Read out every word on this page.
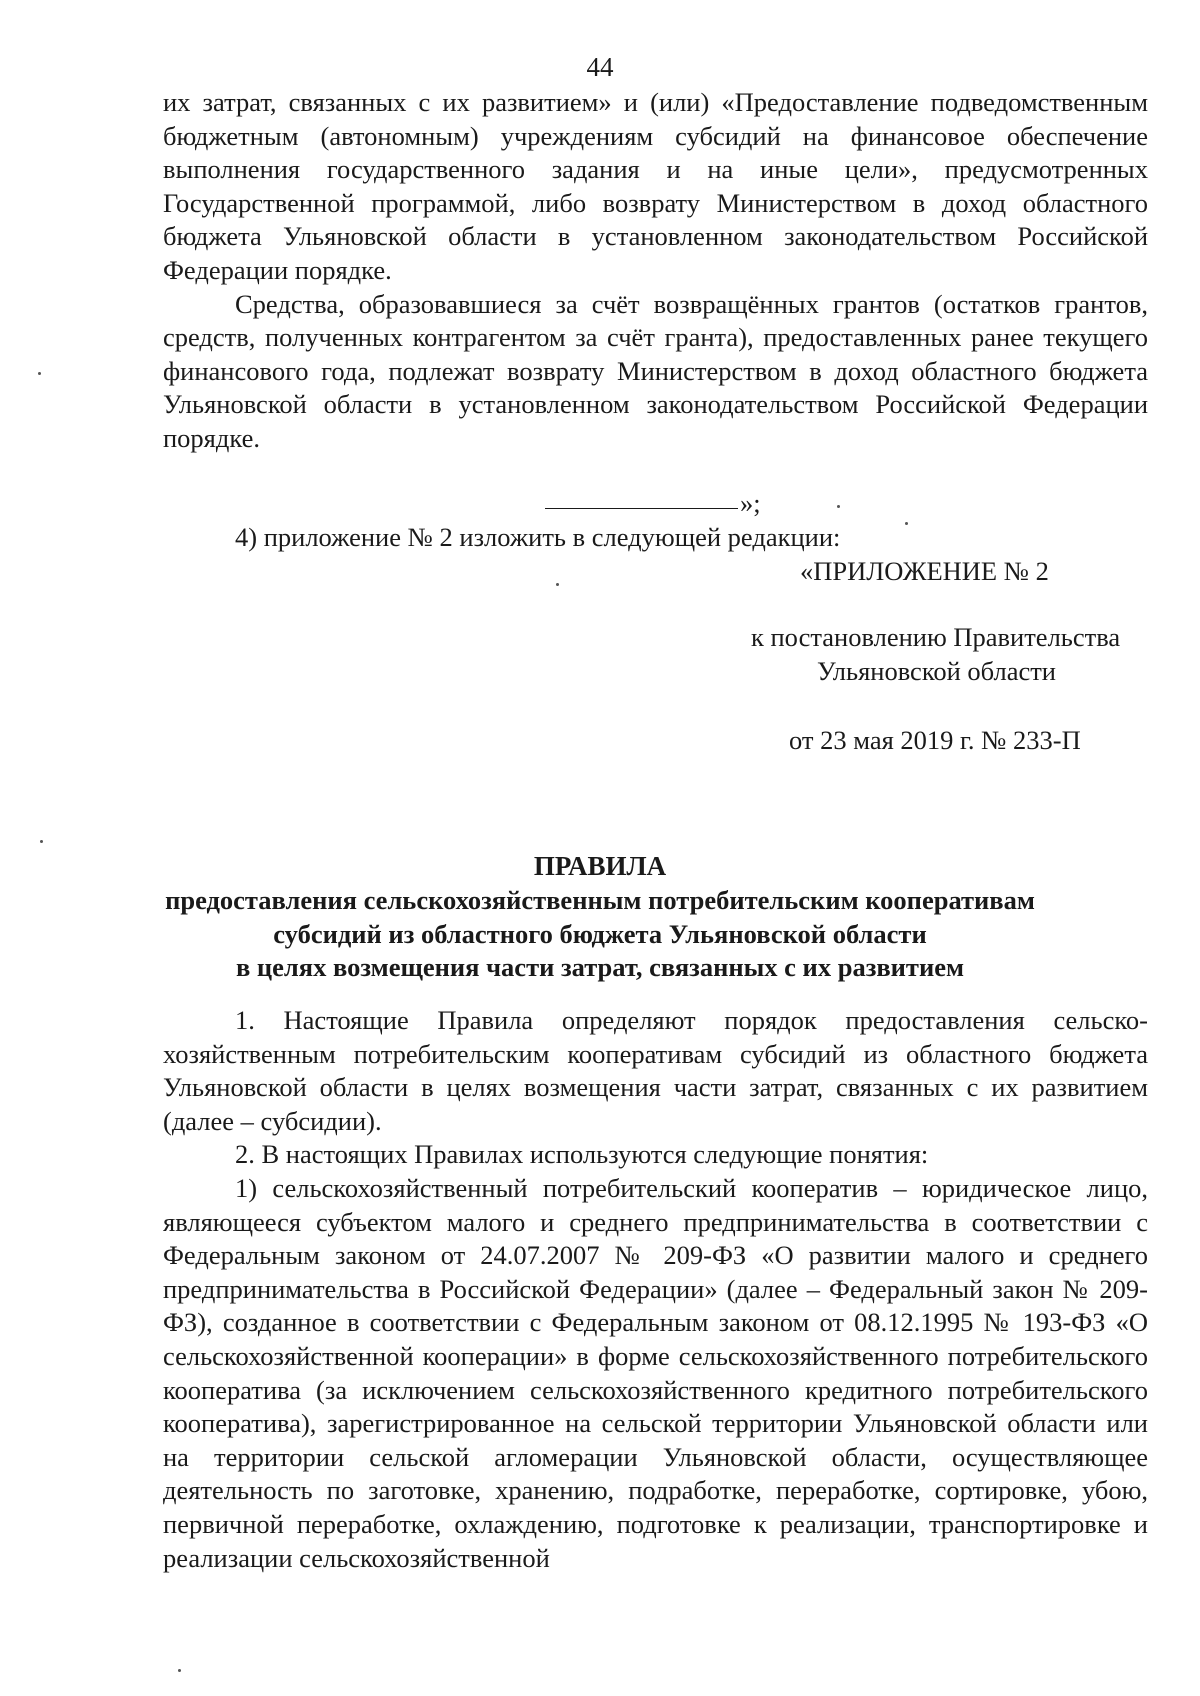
44

их затрат, связанных с их развитием» и (или) «Предоставление подведомственным бюджетным (автономным) учреждениям субсидий на финансовое обеспечение выполнения государственного задания и на иные цели», предусмотренных Государственной программой, либо возврату Министерством в доход областного бюджета Ульяновской области в установленном законодательством Российской Федерации порядке.

Средства, образовавшиеся за счёт возвращённых грантов (остатков грантов, средств, полученных контрагентом за счёт гранта), предоставленных ранее текущего финансового года, подлежат возврату Министерством в доход областного бюджета Ульяновской области в установленном законодательством Российской Федерации порядке.

»;
4) приложение № 2 изложить в следующей редакции:
«ПРИЛОЖЕНИЕ № 2
к постановлению Правительства
Ульяновской области
от 23 мая 2019 г. № 233-П
ПРАВИЛА
предоставления сельскохозяйственным потребительским кооперативам
субсидий из областного бюджета Ульяновской области
в целях возмещения части затрат, связанных с их развитием

1. Настоящие Правила определяют порядок предоставления сельскохозяйственным потребительским кооперативам субсидий из областного бюджета Ульяновской области в целях возмещения части затрат, связанных с их развитием (далее – субсидии).

2. В настоящих Правилах используются следующие понятия:

1) сельскохозяйственный потребительский кооператив – юридическое лицо, являющееся субъектом малого и среднего предпринимательства в соответствии с Федеральным законом от 24.07.2007 № 209-ФЗ «О развитии малого и среднего предпринимательства в Российской Федерации» (далее – Федеральный закон № 209-ФЗ), созданное в соответствии с Федеральным законом от 08.12.1995 № 193-ФЗ «О сельскохозяйственной кооперации» в форме сельскохозяйственного потребительского кооператива (за исключением сельскохозяйственного кредитного потребительского кооператива), зарегистрированное на сельской территории Ульяновской области или на территории сельской агломерации Ульяновской области, осуществляющее деятельность по заготовке, хранению, подработке, переработке, сортировке, убою, первичной переработке, охлаждению, подготовке к реализации, транспортировке и реализации сельскохозяйственной
